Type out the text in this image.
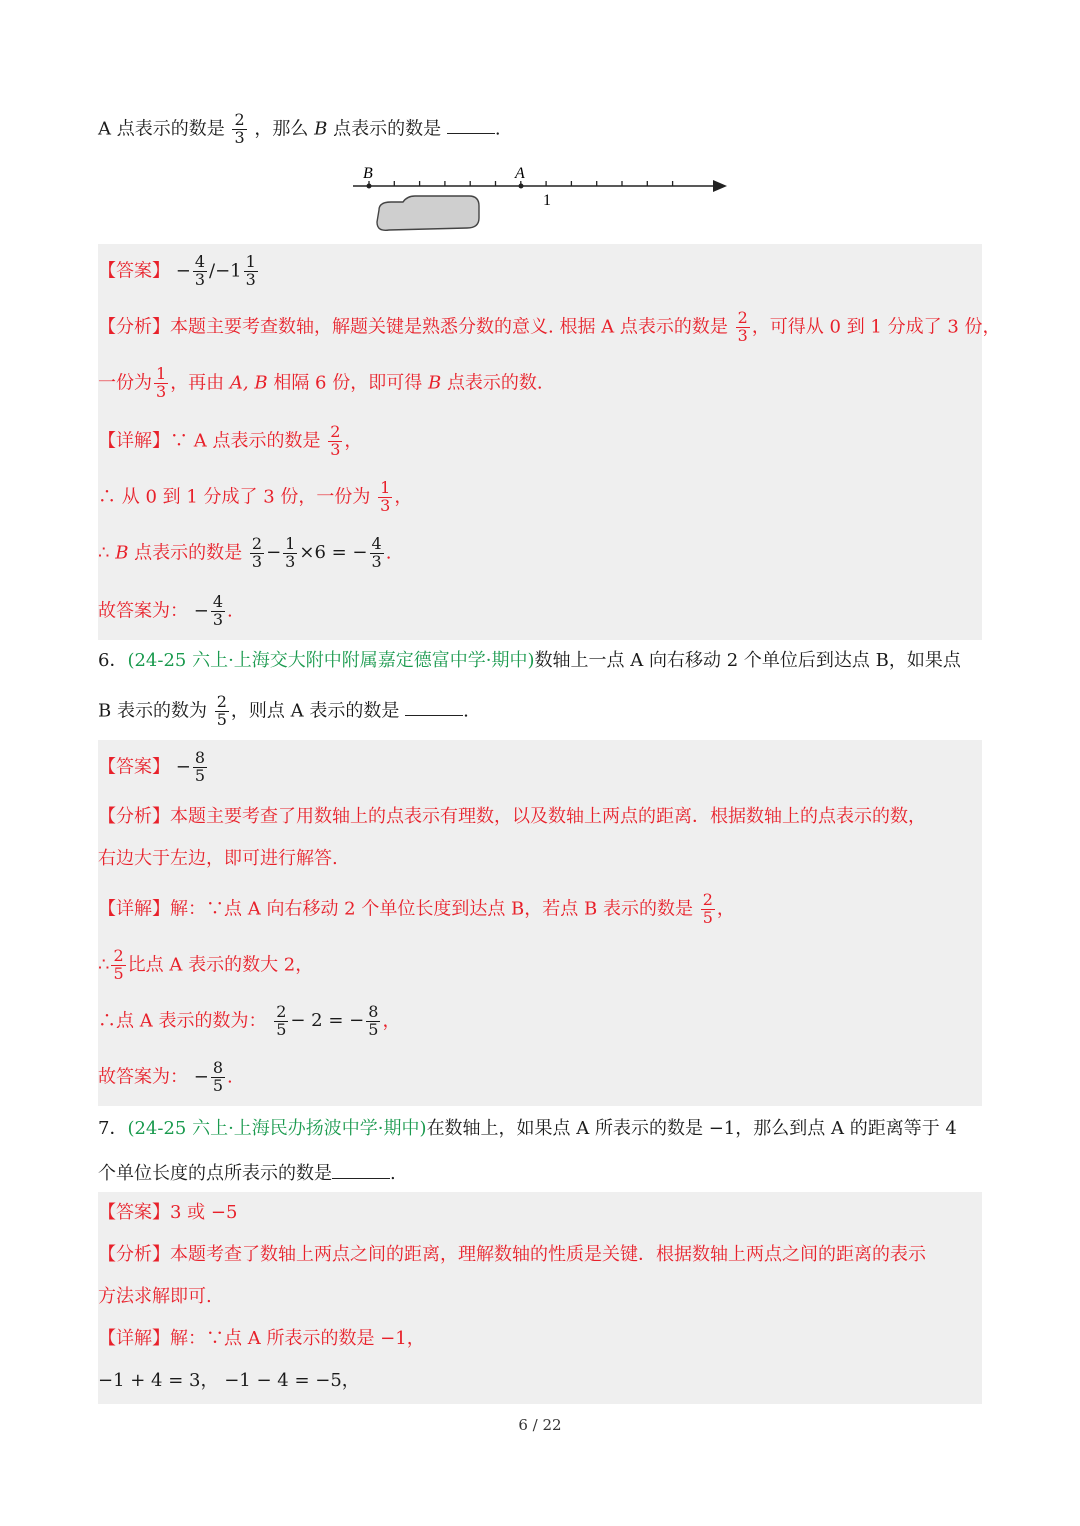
A 点表示的数是 $\frac{2}{3}$ ，那么 B 点表示的数是	.
B	A
1
【答案】 − $\frac{4}{3} /-1 \frac{1}{3}$
【分析】本题主要考查数轴，解题关键是熟悉分数的意义. 根据 A 点表示的数是 $\frac{2}{3}$ ，可得从 0 到 1 分成了 3 份，
一份为 $\frac{1}{3}$ ，再由 A, B 相隔 6 份，即可得 B 点表示的数.
【详解】∵ A 点表示的数是 $\frac{2}{3}$ ，
∴ 从 0 到 1 分成了 3 份，一份为 $\frac{1}{3}$ ，
∴ B 点表示的数是 $\frac{2}{3} - \frac{1}{3} \times 6$ = − $\frac{4}{3}$ .
故答案为： − $\frac{4}{3}$ .
6．(24-25 六上·上海交大附中附属嘉定德富中学·期中)数轴上一点 A 向右移动 2 个单位后到达点 B，如果点
B 表示的数为 $\frac{2}{5}$ ，则点 A 表示的数是	.
【答案】 − $\frac{8}{5}$
【分析】本题主要考查了用数轴上的点表示有理数，以及数轴上两点的距离．根据数轴上的点表示的数，
右边大于左边，即可进行解答.
【详解】解：∵点 A 向右移动 2 个单位长度到达点 B，若点 B 表示的数是 $\frac{2}{5}$ ，
∴ $\frac{2}{5}$ 比点 A 表示的数大 2，
∴点 A 表示的数为： $\frac{2}{5} - 2$ = − $\frac{8}{5}$ ，
故答案为： − $\frac{8}{5}$ .
7．(24-25 六上·上海民办扬波中学·期中)在数轴上，如果点 A 所表示的数是 −1，那么到点 A 的距离等于 4
个单位长度的点所表示的数是	.
【答案】3 或 −5
【分析】本题考查了数轴上两点之间的距离，理解数轴的性质是关键．根据数轴上两点之间的距离的表示
方法求解即可.
【详解】解：∵点 A 所表示的数是 −1，
−1 + 4 = 3， −1 − 4 = −5，
6 / 22
